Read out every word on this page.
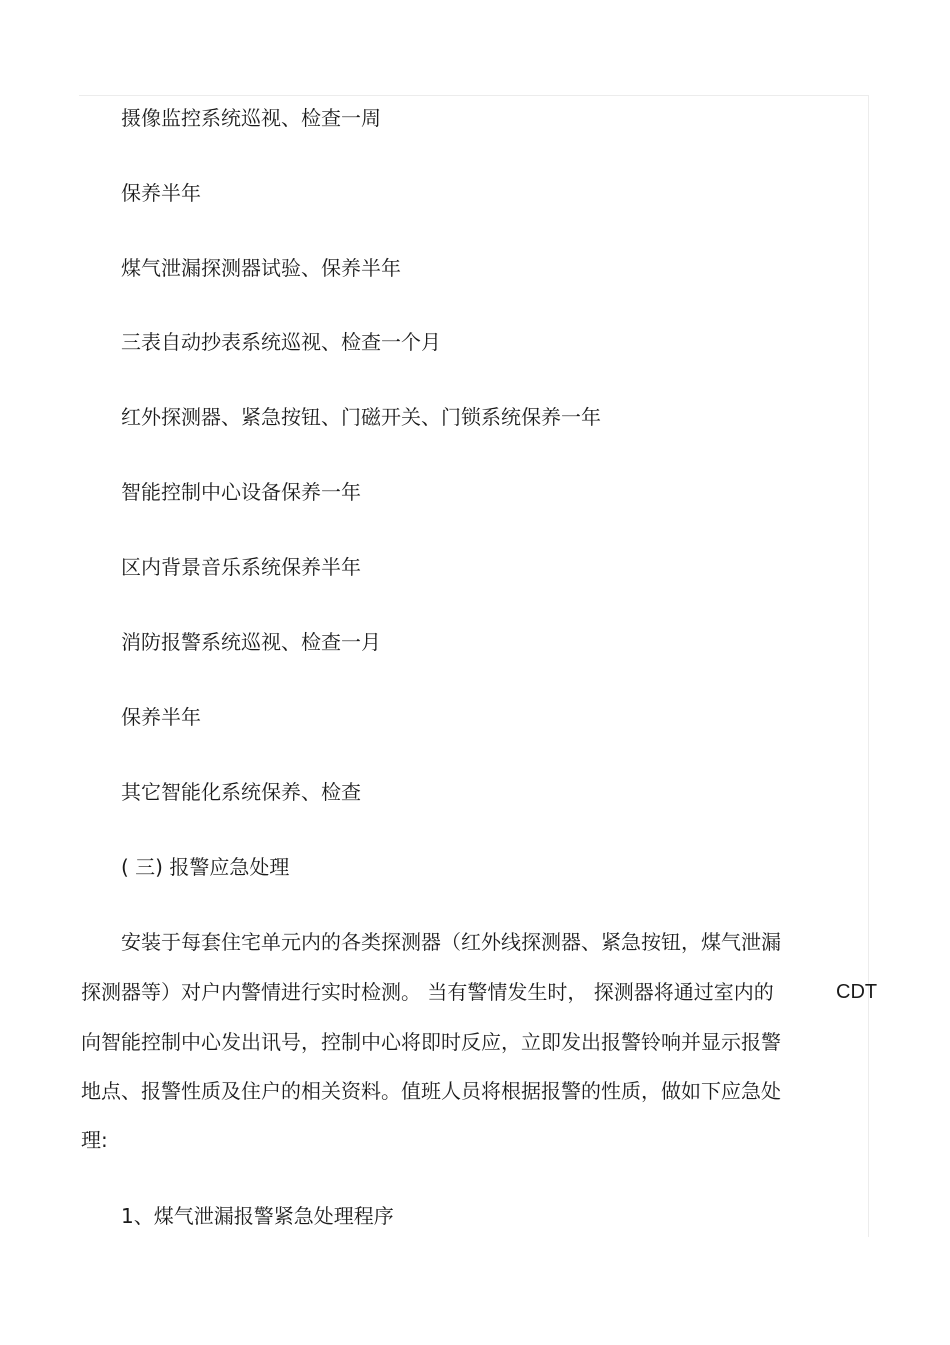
摄像监控系统巡视、检查一周
保养半年
煤气泄漏探测器试验、保养半年
三表自动抄表系统巡视、检查一个月
红外探测器、紧急按钮、门磁开关、门锁系统保养一年
智能控制中心设备保养一年
区内背景音乐系统保养半年
消防报警系统巡视、检查一月
保养半年
其它智能化系统保养、检查
( 三) 报警应急处理
安装于每套住宅单元内的各类探测器（红外线探测器、紧急按钮，煤气泄漏
探测器等）对户内警情进行实时检测。 当有警情发生时， 探测器将通过室内的	CDT
向智能控制中心发出讯号，控制中心将即时反应，立即发出报警铃响并显示报警
地点、报警性质及住户的相关资料。值班人员将根据报警的性质，做如下应急处
理:
1、煤气泄漏报警紧急处理程序
